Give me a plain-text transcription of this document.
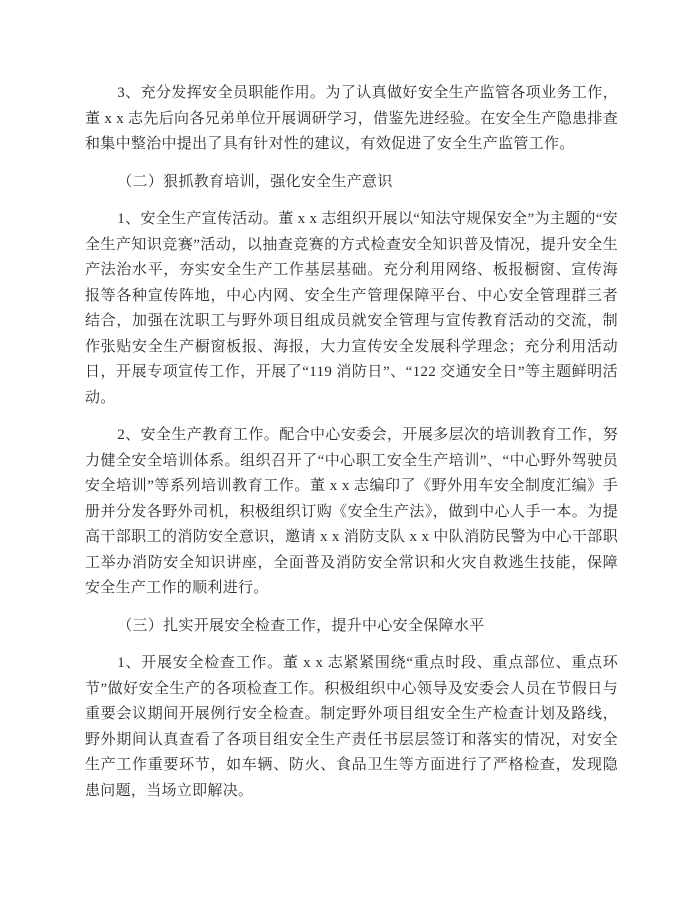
3、充分发挥安全员职能作用。为了认真做好安全生产监管各项业务工作，董 x x 志先后向各兄弟单位开展调研学习，借鉴先进经验。在安全生产隐患排查和集中整治中提出了具有针对性的建议，有效促进了安全生产监管工作。

（二）狠抓教育培训，强化安全生产意识

1、安全生产宣传活动。董 x x 志组织开展以“知法守规保安全”为主题的“安全生产知识竞赛”活动，以抽查竞赛的方式检查安全知识普及情况，提升安全生产法治水平，夯实安全生产工作基层基础。充分利用网络、板报橱窗、宣传海报等各种宣传阵地，中心内网、安全生产管理保障平台、中心安全管理群三者结合，加强在沈职工与野外项目组成员就安全管理与宣传教育活动的交流，制作张贴安全生产橱窗板报、海报，大力宣传安全发展科学理念；充分利用活动日，开展专项宣传工作，开展了“119 消防日”、“122 交通安全日”等主题鲜明活动。

2、安全生产教育工作。配合中心安委会，开展多层次的培训教育工作，努力健全安全培训体系。组织召开了“中心职工安全生产培训”、“中心野外驾驶员安全培训”等系列培训教育工作。董 x x 志编印了《野外用车安全制度汇编》手册并分发各野外司机，积极组织订购《安全生产法》，做到中心人手一本。为提高干部职工的消防安全意识，邀请 x x 消防支队 x x 中队消防民警为中心干部职工举办消防安全知识讲座，全面普及消防安全常识和火灾自救逃生技能，保障安全生产工作的顺利进行。

（三）扎实开展安全检查工作，提升中心安全保障水平

1、开展安全检查工作。董 x x 志紧紧围绕“重点时段、重点部位、重点环节”做好安全生产的各项检查工作。积极组织中心领导及安委会人员在节假日与重要会议期间开展例行安全检查。制定野外项目组安全生产检查计划及路线，野外期间认真查看了各项目组安全生产责任书层层签订和落实的情况，对安全生产工作重要环节，如车辆、防火、食品卫生等方面进行了严格检查，发现隐患问题，当场立即解决。
